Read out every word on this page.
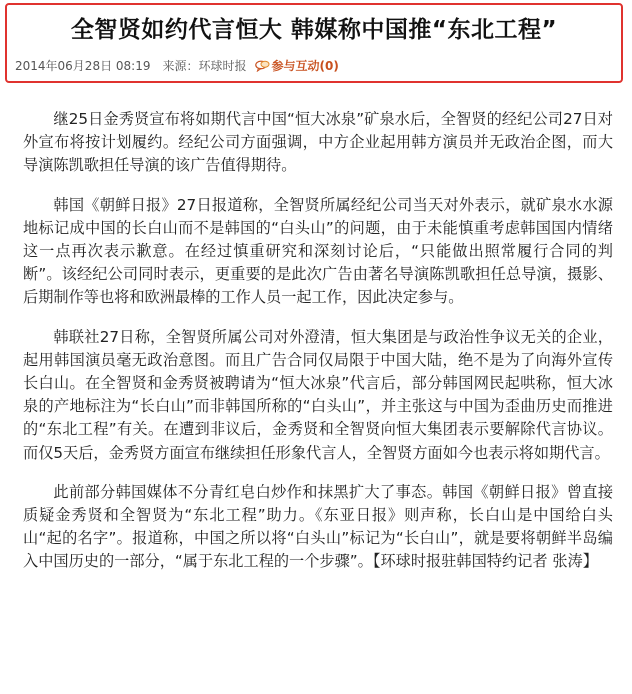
全智贤如约代言恒大 韩媒称中国推“东北工程”
2014年06月28日 08:19 来源：环球时报 参与互动(0)

继25日金秀贤宣布将如期代言中国“恒大冰泉”矿泉水后，全智贤的经纪公司27日对外宣布将按计划履约。经纪公司方面强调，中方企业起用韩方演员并无政治企图，而大导演陈凯歌担任导演的该广告值得期待。

韩国《朝鲜日报》27日报道称，全智贤所属经纪公司当天对外表示，就矿泉水水源地标记成中国的长白山而不是韩国的“白头山”的问题，由于未能慎重考虑韩国国内情绪这一点再次表示歉意。在经过慎重研究和深刻讨论后，“只能做出照常履行合同的判断”。该经纪公司同时表示，更重要的是此次广告由著名导演陈凯歌担任总导演，摄影、后期制作等也将和欧洲最棒的工作人员一起工作，因此决定参与。

韩联社27日称，全智贤所属公司对外澄清，恒大集团是与政治性争议无关的企业，起用韩国演员毫无政治意图。而且广告合同仅局限于中国大陆，绝不是为了向海外宣传长白山。在全智贤和金秀贤被聘请为“恒大冰泉”代言后，部分韩国网民起哄称，恒大冰泉的产地标注为“长白山”而非韩国所称的“白头山”，并主张这与中国为歪曲历史而推进的“东北工程”有关。在遭到非议后，金秀贤和全智贤向恒大集团表示要解除代言协议。而仅5天后，金秀贤方面宣布继续担任形象代言人，全智贤方面如今也表示将如期代言。

此前部分韩国媒体不分青红皂白炒作和抹黑扩大了事态。韩国《朝鲜日报》曾直接质疑金秀贤和全智贤为“东北工程”助力。《东亚日报》则声称，长白山是中国给白头山“起的名字”。报道称，中国之所以将“白头山”标记为“长白山”，就是要将朝鲜半岛编入中国历史的一部分，“属于东北工程的一个步骤”。【环球时报驻韩国特约记者 张涛】
